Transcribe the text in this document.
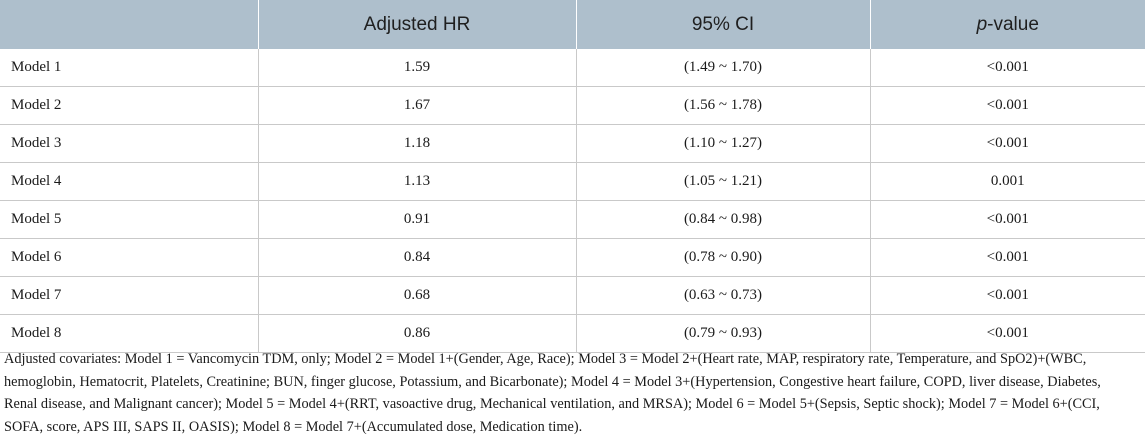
	Adjusted HR	95% CI	p-value
Model 1	1.59	(1.49 ~ 1.70)	<0.001
Model 2	1.67	(1.56 ~ 1.78)	<0.001
Model 3	1.18	(1.10 ~ 1.27)	<0.001
Model 4	1.13	(1.05 ~ 1.21)	0.001
Model 5	0.91	(0.84 ~ 0.98)	<0.001
Model 6	0.84	(0.78 ~ 0.90)	<0.001
Model 7	0.68	(0.63 ~ 0.73)	<0.001
Model 8	0.86	(0.79 ~ 0.93)	<0.001
Adjusted covariates: Model 1 = Vancomycin TDM, only; Model 2 = Model 1+(Gender, Age, Race); Model 3 = Model 2+(Heart rate, MAP, respiratory rate, Temperature, and SpO2)+(WBC, hemoglobin, Hematocrit, Platelets, Creatinine; BUN, finger glucose, Potassium, and Bicarbonate); Model 4 = Model 3+(Hypertension, Congestive heart failure, COPD, liver disease, Diabetes, Renal disease, and Malignant cancer); Model 5 = Model 4+(RRT, vasoactive drug, Mechanical ventilation, and MRSA); Model 6 = Model 5+(Sepsis, Septic shock); Model 7 = Model 6+(CCI, SOFA, score, APS III, SAPS II, OASIS); Model 8 = Model 7+(Accumulated dose, Medication time).
